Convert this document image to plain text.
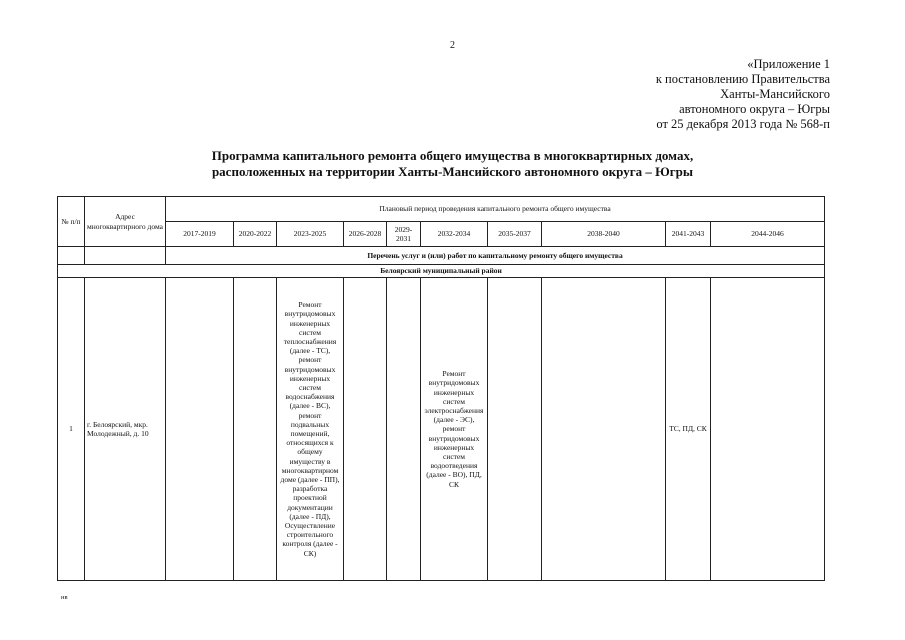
2
«Приложение 1
к постановлению Правительства
Ханты-Мансийского
автономного округа – Югры
от 25 декабря 2013 года № 568-п
Программа капитального ремонта общего имущества в многоквартирных домах,
расположенных на территории Ханты-Мансийского автономного округа – Югры
№ п/п	Адрес многоквартирного дома	Плановый период проведения капитального ремонта общего имущества									
		2017-2019	2020-2022	2023-2025	2026-2028	2029-2031	2032-2034	2035-2037	2038-2040	2041-2043	2044-2046
		Перечень услуг и (или) работ по капитальному ремонту общего имущества									
Белоярский муниципальный район											
1	г. Белоярский, мкр. Молодежный, д. 10			Ремонт внутридомовых инженерных систем теплоснабжения (далее - ТС), ремонт внутридомовых инженерных систем водоснабжения (далее - ВС), ремонт подвальных помещений, относящихся к общему имуществу в многоквартирном доме (далее - ПП), разработка проектной документации (далее - ПД), Осуществление строительного контроля (далее - СК)			Ремонт внутридомовых инженерных систем электроснабжения (далее - ЭС), ремонт внутридомовых инженерных систем водоотведения (далее - ВО), ПД, СК			ТС, ПД, СК	
нв
